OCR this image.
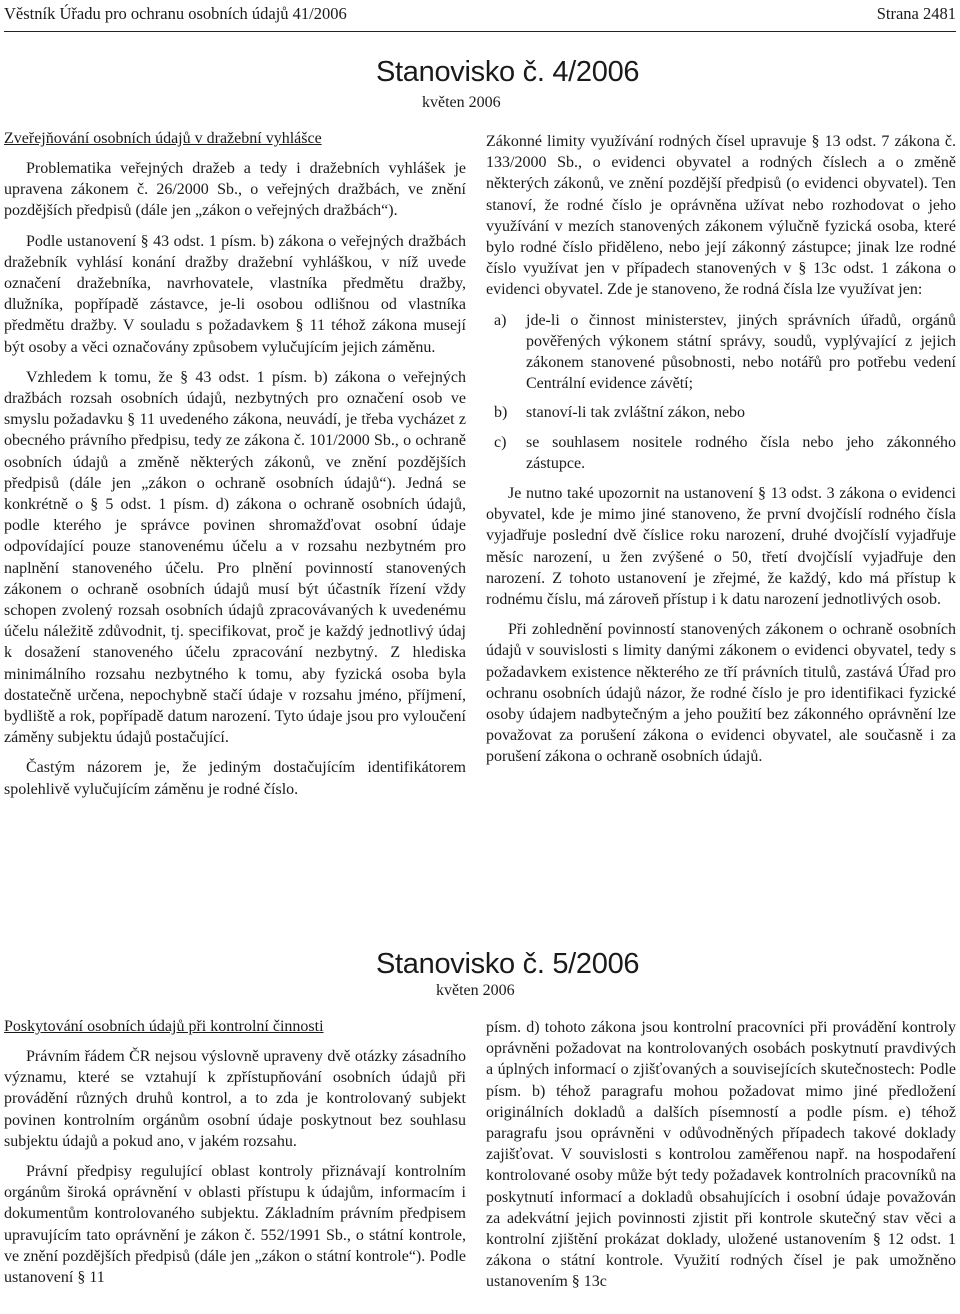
Věstník Úřadu pro ochranu osobních údajů 41/2006	Strana 2481
Stanovisko č. 4/2006
květen 2006
Zveřejňování osobních údajů v dražební vyhlášce

Problematika veřejných dražeb a tedy i dražebních vyhlášek je upravena zákonem č. 26/2000 Sb., o veřejných dražbách, ve znění pozdějších předpisů (dále jen „zákon o veřejných dražbách“).

Podle ustanovení § 43 odst. 1 písm. b) zákona o veřejných dražbách dražebník vyhlásí konání dražby dražební vyhláškou, v níž uvede označení dražebníka, navrhovatele, vlastníka předmětu dražby, dlužníka, popřípadě zástavce, je-li osobou odlišnou od vlastníka předmětu dražby. V souladu s požadavkem § 11 téhož zákona musejí být osoby a věci označovány způsobem vylučujícím jejich záměnu.

Vzhledem k tomu, že § 43 odst. 1 písm. b) zákona o veřejných dražbách rozsah osobních údajů, nezbytných pro označení osob ve smyslu požadavku § 11 uvedeného zákona, neuvádí, je třeba vycházet z obecného právního předpisu, tedy ze zákona č. 101/2000 Sb., o ochraně osobních údajů a změně některých zákonů, ve znění pozdějších předpisů (dále jen „zákon o ochraně osobních údajů“). Jedná se konkrétně o § 5 odst. 1 písm. d) zákona o ochraně osobních údajů, podle kterého je správce povinen shromažďovat osobní údaje odpovídající pouze stanovenému účelu a v rozsahu nezbytném pro naplnění stanoveného účelu. Pro plnění povinností stanovených zákonem o ochraně osobních údajů musí být účastník řízení vždy schopen zvolený rozsah osobních údajů zpracovávaných k uvedenému účelu náležitě zdůvodnit, tj. specifikovat, proč je každý jednotlivý údaj k dosažení stanoveného účelu zpracování nezbytný. Z hlediska minimálního rozsahu nezbytného k tomu, aby fyzická osoba byla dostatečně určena, nepochybně stačí údaje v rozsahu jméno, příjmení, bydliště a rok, popřípadě datum narození. Tyto údaje jsou pro vyloučení záměny subjektu údajů postačující.

Častým názorem je, že jediným dostačujícím identifikátorem spolehlivě vylučujícím záměnu je rodné číslo.

Zákonné limity využívání rodných čísel upravuje § 13 odst. 7 zákona č. 133/2000 Sb., o evidenci obyvatel a rodných číslech a o změně některých zákonů, ve znění pozdější předpisů (o evidenci obyvatel). Ten stanoví, že rodné číslo je oprávněna užívat nebo rozhodovat o jeho využívání v mezích stanovených zákonem výlučně fyzická osoba, které bylo rodné číslo přiděleno, nebo její zákonný zástupce; jinak lze rodné číslo využívat jen v případech stanovených v § 13c odst. 1 zákona o evidenci obyvatel. Zde je stanoveno, že rodná čísla lze využívat jen:

a)	jde-li o činnost ministerstev, jiných správních úřadů, orgánů pověřených výkonem státní správy, soudů, vyplývající z jejich zákonem stanovené působnosti, nebo notářů pro potřebu vedení Centrální evidence závětí;
b)	stanoví-li tak zvláštní zákon, nebo
c)	se souhlasem nositele rodného čísla nebo jeho zákonného zástupce.

Je nutno také upozornit na ustanovení § 13 odst. 3 zákona o evidenci obyvatel, kde je mimo jiné stanoveno, že první dvojčíslí rodného čísla vyjadřuje poslední dvě číslice roku narození, druhé dvojčíslí vyjadřuje měsíc narození, u žen zvýšené o 50, třetí dvojčíslí vyjadřuje den narození. Z tohoto ustanovení je zřejmé, že každý, kdo má přístup k rodnému číslu, má zároveň přístup i k datu narození jednotlivých osob.

Při zohlednění povinností stanovených zákonem o ochraně osobních údajů v souvislosti s limity danými zákonem o evidenci obyvatel, tedy s požadavkem existence některého ze tří právních titulů, zastává Úřad pro ochranu osobních údajů názor, že rodné číslo je pro identifikaci fyzické osoby údajem nadbytečným a jeho použití bez zákonného oprávnění lze považovat za porušení zákona o evidenci obyvatel, ale současně i za porušení zákona o ochraně osobních údajů.

Stanovisko č. 5/2006
květen 2006
Poskytování osobních údajů při kontrolní činnosti

Právním řádem ČR nejsou výslovně upraveny dvě otázky zásadního významu, které se vztahují k zpřístupňování osobních údajů při provádění různých druhů kontrol, a to zda je kontrolovaný subjekt povinen kontrolním orgánům osobní údaje poskytnout bez souhlasu subjektu údajů a pokud ano, v jakém rozsahu.

Právní předpisy regulující oblast kontroly přiznávají kontrolním orgánům široká oprávnění v oblasti přístupu k údajům, informacím i dokumentům kontrolovaného subjektu. Základním právním předpisem upravujícím tato oprávnění je zákon č. 552/1991 Sb., o státní kontrole, ve znění pozdějších předpisů (dále jen „zákon o státní kontrole“). Podle ustanovení § 11

písm. d) tohoto zákona jsou kontrolní pracovníci při provádění kontroly oprávněni požadovat na kontrolovaných osobách poskytnutí pravdivých a úplných informací o zjišťovaných a souvisejících skutečnostech: Podle písm. b) téhož paragrafu mohou požadovat mimo jiné předložení originálních dokladů a dalších písemností a podle písm. e) téhož paragrafu jsou oprávněni v odůvodněných případech takové doklady zajišťovat. V souvislosti s kontrolou zaměřenou např. na hospodaření kontrolované osoby může být tedy požadavek kontrolních pracovníků na poskytnutí informací a dokladů obsahujících i osobní údaje považován za adekvátní jejich povinnosti zjistit při kontrole skutečný stav věci a kontrolní zjištění prokázat doklady, uložené ustanovením § 12 odst. 1 zákona o státní kontrole. Využití rodných čísel je pak umožněno ustanovením § 13c
